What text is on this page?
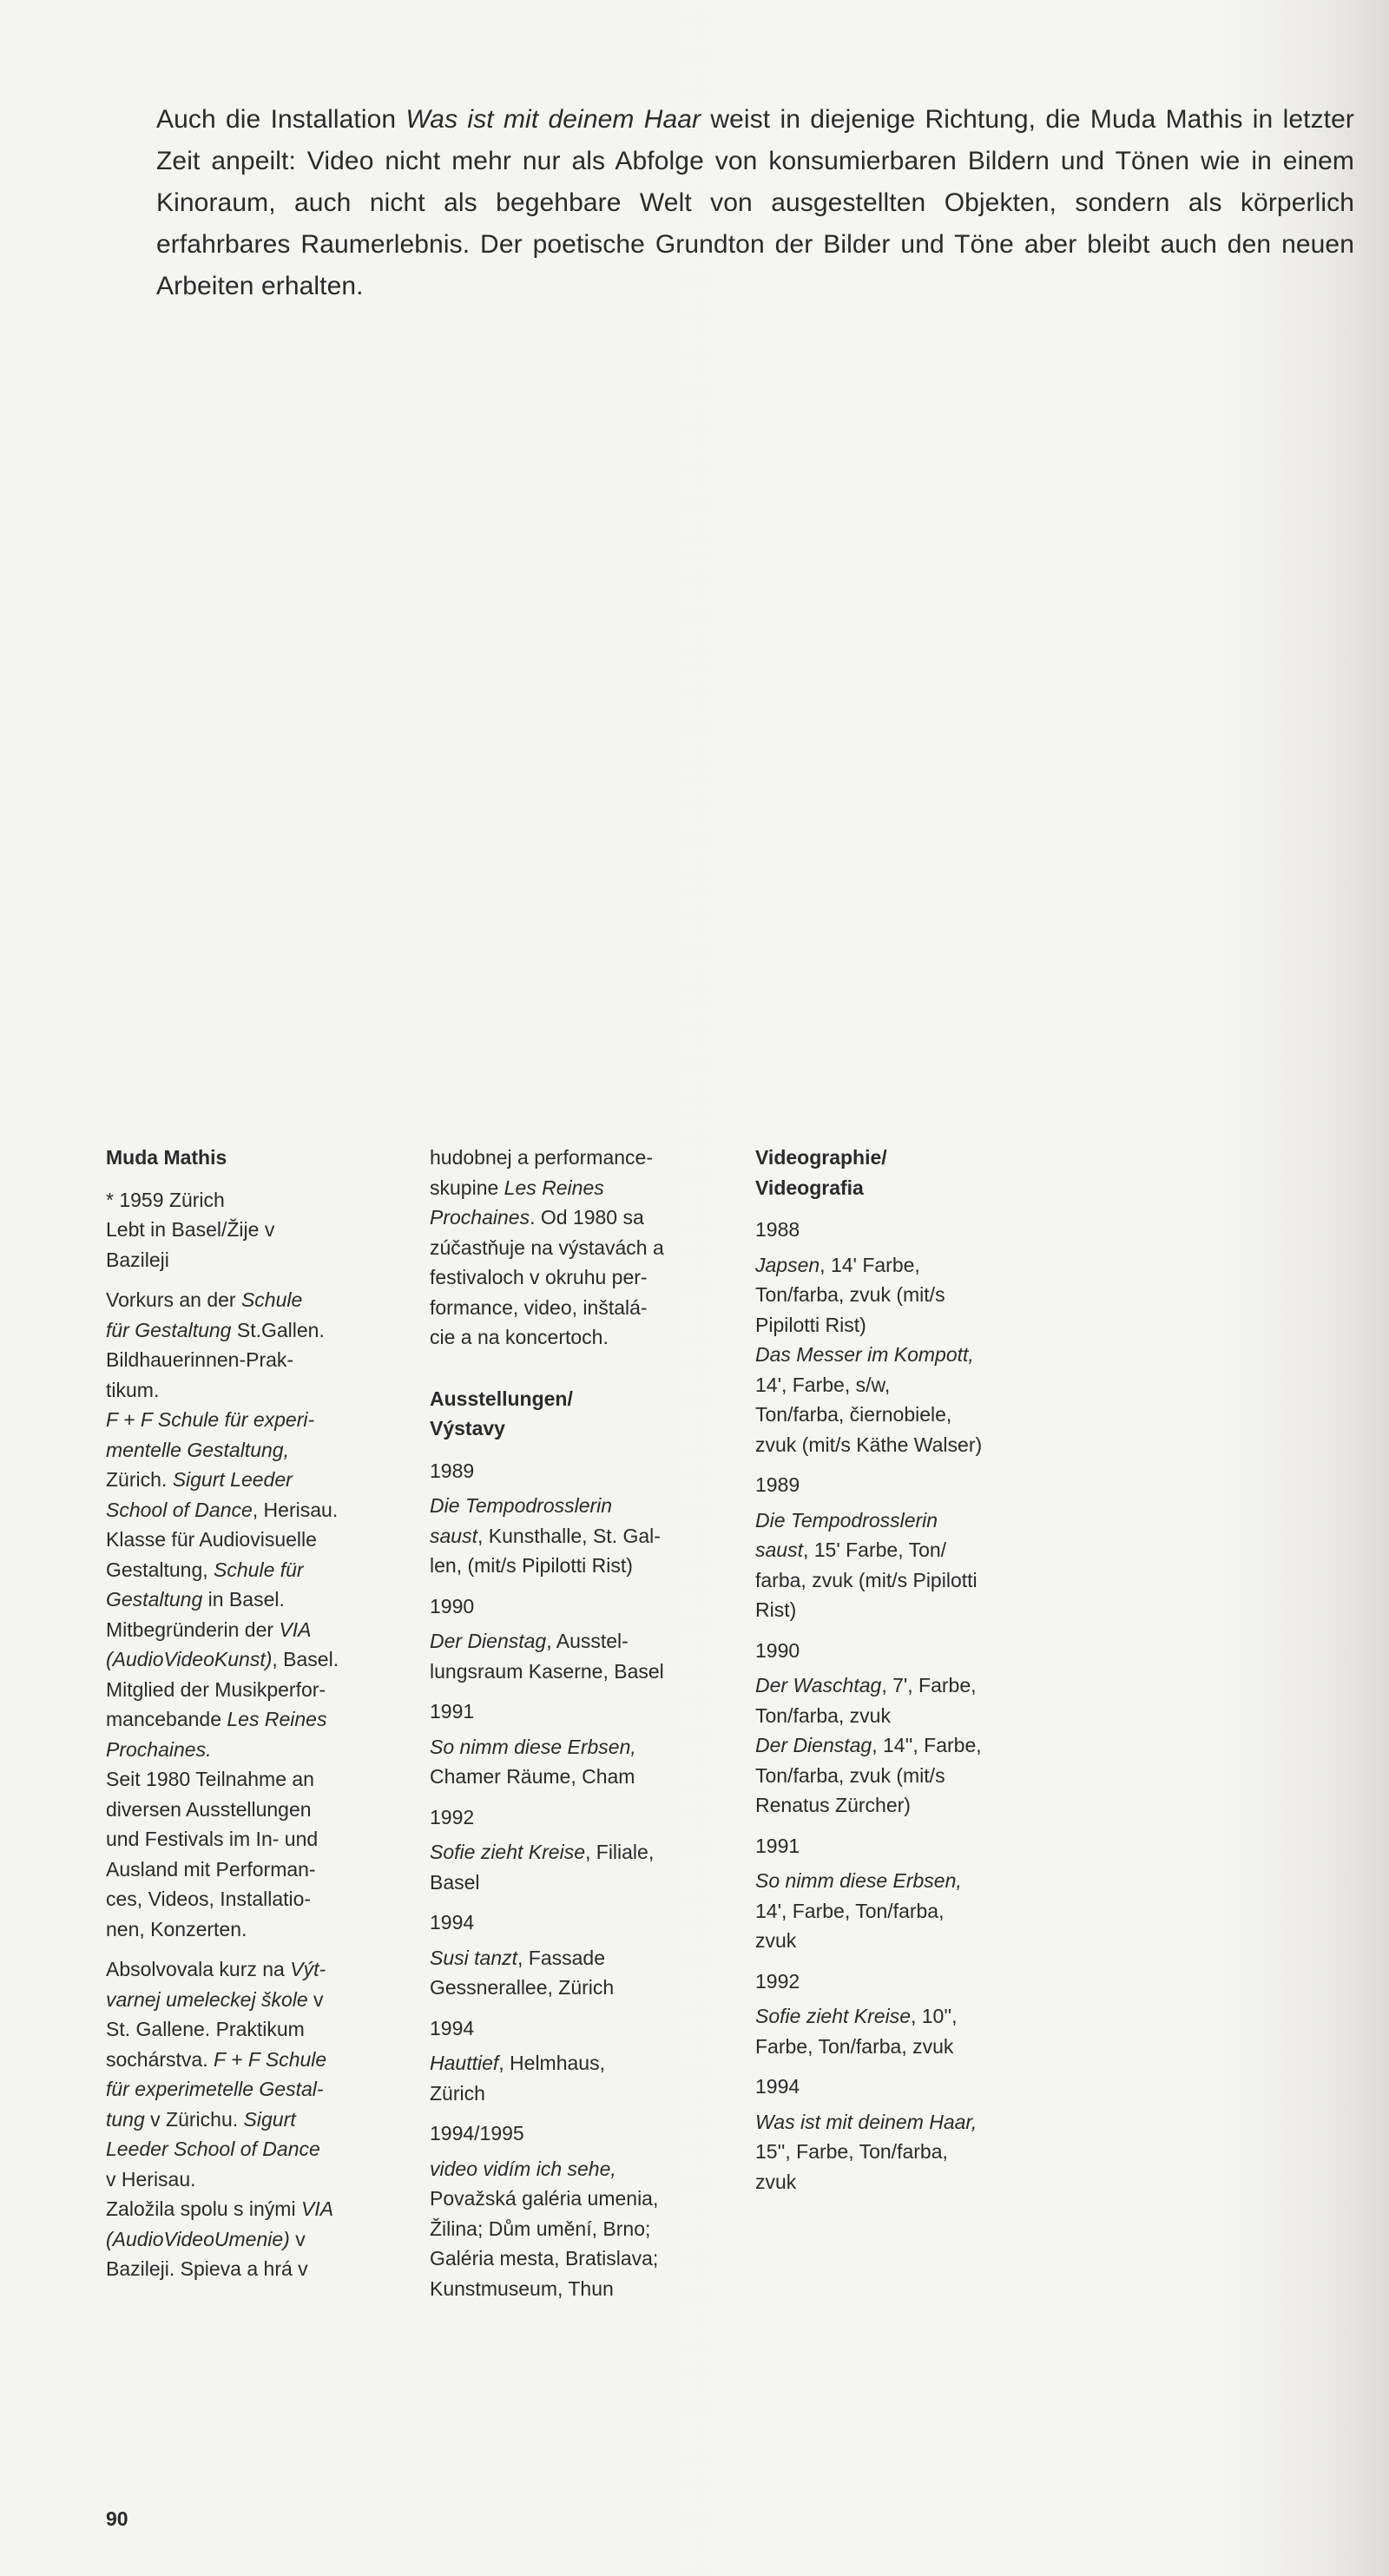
Auch die Installation Was ist mit deinem Haar weist in diejenige Richtung, die Muda Mathis in letzter Zeit anpeilt: Video nicht mehr nur als Abfolge von konsumierbaren Bildern und Tönen wie in einem Kinoraum, auch nicht als begehbare Welt von ausgestellten Objekten, sondern als körperlich erfahrbares Raumerlebnis. Der poetische Grundton der Bilder und Töne aber bleibt auch den neuen Arbeiten erhalten.

Muda Mathis

* 1959 Zürich
Lebt in Basel/Žije v
Bazileji

Vorkurs an der Schule
für Gestaltung St.Gallen.
Bildhauerinnen-Prak-
tikum.
F + F Schule für experi-
mentelle Gestaltung,
Zürich. Sigurt Leeder
School of Dance, Herisau.
Klasse für Audiovisuelle
Gestaltung, Schule für
Gestaltung in Basel.
Mitbegründerin der VIA
(AudioVideoKunst), Basel.
Mitglied der Musikperfor-
mancebande Les Reines
Prochaines.
Seit 1980 Teilnahme an
diversen Ausstellungen
und Festivals im In- und
Ausland mit Performan-
ces, Videos, Installatio-
nen, Konzerten.

Absolvovala kurz na Výt-
varnej umeleckej škole v
St. Gallene. Praktikum
sochárstva. F + F Schule
für experimetelle Gestal-
tung v Zürichu. Sigurt
Leeder School of Dance
v Herisau.
Založila spolu s inými VIA
(AudioVideoUmenie) v
Bazileji. Spieva a hrá v

hudobnej a performance-
skupine Les Reines
Prochaines. Od 1980 sa
zúčastňuje na výstavách a
festivaloch v okruhu per-
formance, video, inštalá-
cie a na koncertoch.

Ausstellungen/
Výstavy

1989
Die Tempodrosslerin
saust, Kunsthalle, St. Gal-
len, (mit/s Pipilotti Rist)

1990
Der Dienstag, Ausstel-
lungsraum Kaserne, Basel

1991
So nimm diese Erbsen,
Chamer Räume, Cham

1992
Sofie zieht Kreise, Filiale,
Basel

1994
Susi tanzt, Fassade
Gessnerallee, Zürich

1994
Hauttief, Helmhaus,
Zürich

1994/1995
video vidím ich sehe,
Považská galéria umenia,
Žilina; Dům umění, Brno;
Galéria mesta, Bratislava;
Kunstmuseum, Thun

Videographie/
Videografia

1988
Japsen, 14' Farbe,
Ton/farba, zvuk (mit/s
Pipilotti Rist)
Das Messer im Kompott,
14', Farbe, s/w,
Ton/farba, čiernobiele,
zvuk (mit/s Käthe Walser)

1989
Die Tempodrosslerin
saust, 15' Farbe, Ton/
farba, zvuk (mit/s Pipilotti
Rist)

1990
Der Waschtag, 7', Farbe,
Ton/farba, zvuk
Der Dienstag, 14'', Farbe,
Ton/farba, zvuk (mit/s
Renatus Zürcher)

1991
So nimm diese Erbsen,
14', Farbe, Ton/farba,
zvuk

1992
Sofie zieht Kreise, 10'',
Farbe, Ton/farba, zvuk

1994
Was ist mit deinem Haar,
15'', Farbe, Ton/farba,
zvuk

90
